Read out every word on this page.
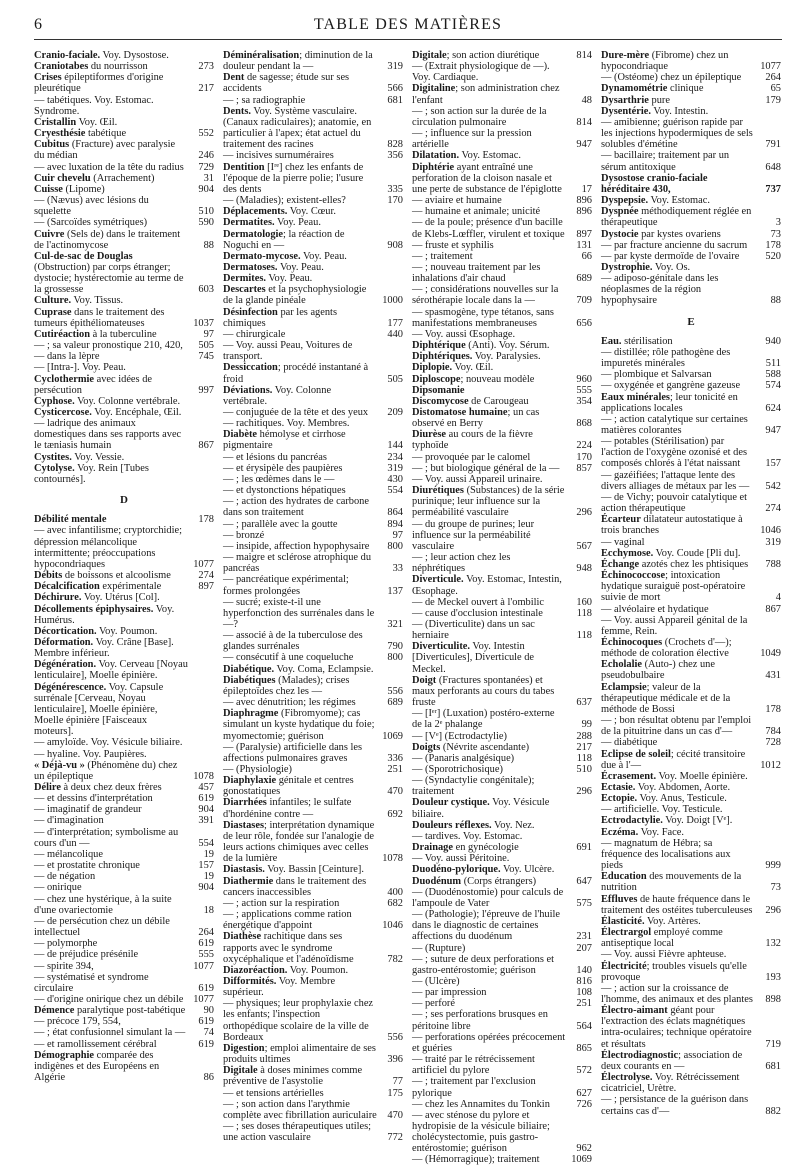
6	TABLE DES MATIÈRES
Cranio-faciale. Voy. Dysostose.
Craniotabes du nourrisson	273
Crises épileptiformes d'origine pleurétique	217
— tabétiques. Voy. Estomac. Syndrome.
Cristallin Voy. Œil.
Cryesthésie tabétique	552
Cubitus (Fracture) avec paralysie du médian	246
— avec luxation de la tête du radius	729
Cuir chevelu (Arrachement)	31
Cuisse (Lipome)	904
— (Nævus) avec lésions du squelette	510
— (Sarcoïdes symétriques)	590
Cuivre (Sels de) dans le traitement de l'actinomycose	88
Cul-de-sac de Douglas (Obstruction) par corps étranger; dystocie; hystérectomie au terme de la grossesse	603
Culture. Voy. Tissus.
Cuprase dans le traitement des tumeurs épithéliomateuses	1037
Cutiréaction à la tuberculine	97
— ; sa valeur pronostique 210, 420,	505
— dans la lèpre	745
— [Intra-]. Voy. Peau.
Cyclothermie avec idées de persécution	997
Cyphose. Voy. Colonne vertébrale.
Cysticercose. Voy. Encéphale, Œil.
— ladrique des animaux domestiques dans ses rapports avec le tæniasis humain	867
Cystites. Voy. Vessie.
Cytolyse. Voy. Rein [Tubes contournés].
D
Débilité mentale	178
— avec infantilisme; cryptorchidie; dépression mélancolique intermittente; préoccupations hypocondriaques	1077
Débits de boissons et alcoolisme	274
Décalcification expérimentale	897
Déchirure. Voy. Utérus [Col].
Décollements épiphysaires. Voy. Humérus.
Décortication. Voy. Poumon.
Déformation. Voy. Crâne [Base]. Membre inférieur.
Dégénération. Voy. Cerveau [Noyau lenticulaire], Moelle épinière.
Dégénérescence. Voy. Capsule surrénale [Cerveau, Noyau lenticulaire], Moelle épinière, Moelle épinière [Faisceaux moteurs].
— amyloïde. Voy. Vésicule biliaire.
— hyaline. Voy. Paupières.
« Déjà-vu » (Phénomène du) chez un épileptique	1078
Délire à deux chez deux frères	457
— et dessins d'interprétation	619
— imaginatif de grandeur	904
— d'imagination	391
— d'interprétation; symbolisme au cours d'un —	554
— mélancolique	19
— et prostatite chronique	157
— de négation	19
— onirique	904
— chez une hystérique, à la suite d'une ovariectomie	18
— de persécution chez un débile intellectuel	264
— polymorphe	619
— de préjudice présénile	555
— spirite 394,	1077
— systématisé et syndrome circulaire	619
— d'origine onirique chez un débile 1077
Démence paralytique post-tabétique	90
— précoce 179, 554,	619
— ; état confusionnel simulant la —	74
— et ramollissement cérébral	619
Démographie comparée des indigènes et des Européens en Algérie	86
Déminéralisation; diminution de la douleur pendant la —	319
Dent de sagesse; étude sur ses accidents	566
— ; sa radiographie	681
Dents. Voy. Système vasculaire.
(Canaux radiculaires); anatomie, en particulier à l'apex; état actuel du traitement des racines	828
— incisives surnuméraires	356
Dentition [Iʳᵉ] chez les enfants de l'époque de la pierre polie; l'usure des dents	335
— (Maladies); existent-elles?	170
Déplacements. Voy. Cœur.
Dermatites. Voy. Peau.
Dermatologie; la réaction de Noguchi en —	908
Dermato-mycose. Voy. Peau.
Dermatoses. Voy. Peau.
Dermites. Voy. Peau.
Descartes et la psychophysiologie de la glande pinéale	1000
Désinfection par les agents chimiques	177
— chirurgicale	440
— Voy. aussi Peau, Voitures de transport.
Dessiccation; procédé instantané à froid	505
Déviations. Voy. Colonne vertébrale.
— conjuguée de la tête et des yeux	209
— rachitiques. Voy. Membres.
Diabète hémolyse et cirrhose pigmentaire	144
— et lésions du pancréas	234
— et érysipèle des paupières	319
— ; les œdèmes dans le —	430
— et dystonctions hépatiques	554
— ; action des hydrates de carbone dans son traitement	864
— ; parallèle avec la goutte	894
— bronzé	97
— insipide, affection hypophysaire	800
— maigre et sclérose atrophique du pancréas	33
— pancréatique expérimental; formes prolongées	137
— sucré; existe-t-il une hyperfonction des surrénales dans le —?	321
— associé à de la tuberculose des glandes surrénales	790
— consécutif à une coqueluche	800
Diabétique. Voy. Coma, Eclampsie.
Diabétiques (Malades); crises épileptoïdes chez les —	556
— avec dénutrition; les régimes	689
Diaphragme (Fibromyome); cas simulant un kyste hydatique du foie; myomectomie; guérison	1069
— (Paralysie) artificielle dans les affections pulmonaires graves	336
— (Physiologie)	251
Diaphylaxie génitale et centres gonostatiques	470
Diarrhées infantiles; le sulfate d'hordénine contre —	692
Diastases; interprétation dynamique de leur rôle, fondée sur l'analogie de leurs actions chimiques avec celles de la lumière	1078
Diastasis. Voy. Bassin [Ceinture].
Diathermie dans le traitement des cancers inaccessibles	400
— ; action sur la respiration	682
— ; applications comme ration énergétique d'appoint	1046
Diathèse rachitique dans ses rapports avec le syndrome oxycéphalique et l'adénoïdisme	782
Diazoréaction. Voy. Poumon.
Difformités. Voy. Membre supérieur.
— physiques; leur prophylaxie chez les enfants; l'inspection orthopédique scolaire de la ville de Bordeaux	556
Digestion; emploi alimentaire de ses produits ultimes	396
Digitale à doses minimes comme préventive de l'asystolie	77
— et tensions artérielles	175
— ; son action dans l'arythmie complète avec fibrillation auriculaire	470
— ; ses doses thérapeutiques utiles; une action vasculaire	772
Digitale; son action diurétique	814
— (Extrait physiologique de —). Voy. Cardiaque.
Digitaline; son administration chez l'enfant	48
— ; son action sur la durée de la circulation pulmonaire	814
— ; influence sur la pression artérielle	947
Dilatation. Voy. Estomac.
Diphtérie ayant entraîné une perforation de la cloison nasale et une perte de substance de l'épiglotte	17
— aviaire et humaine	896
— humaine et animale; unicité	896
— de la poule; présence d'un bacille de Klebs-Lœffler, virulent et toxique	897
— fruste et syphilis	131
— ; traitement	66
— ; nouveau traitement par les inhalations d'air chaud	689
— ; considérations nouvelles sur la sérothérapie locale dans la —	709
— spasmogène, type tétanos, sans manifestations membraneuses	656
— Voy. aussi Œsophage.
Diphtérique (Anti). Voy. Sérum.
Diphtériques. Voy. Paralysies.
Diplopie. Voy. Œil.
Diploscope; nouveau modèle	960
Dipsomanie	555
Discomycose de Carougeau	354
Distomatose humaine; un cas observé en Berry	868
Diurèse au cours de la fièvre typhoïde	224
— provoquée par le calomel	170
— ; but biologique général de la —	857
— Voy. aussi Appareil urinaire.
Diurétiques (Substances) de la série purinique; leur influence sur la perméabilité vasculaire	296
— du groupe de purines; leur influence sur la perméabilité vasculaire	567
— ; leur action chez les néphrétiques	948
Diverticule. Voy. Estomac, Intestin, Œsophage.
— de Meckel ouvert à l'ombilic	160
— cause d'occlusion intestinale	118
— (Diverticulite) dans un sac herniaire	118
Diverticulite. Voy. Intestin [Diverticules], Diverticule de Meckel.
Doigt (Fractures spontanées) et maux perforants au cours du tabes fruste	637
— [Iᵉʳ] (Luxation) postéro-externe de la 2ᵉ phalange	99
— [Vᵉ] (Ectrodactylie)	288
Doigts (Névrite ascendante)	217
— (Panaris analgésique)	118
— (Sporotrichosique)	510
— (Syndactylie congénitale); traitement	296
Douleur cystique. Voy. Vésicule biliaire.
Douleurs réflexes. Voy. Nez.
— tardives. Voy. Estomac.
Drainage en gynécologie	691
— Voy. aussi Péritoine.
Duodéno-pylorique. Voy. Ulcère.
Duodénum (Corps étrangers)	647
— (Duodénostomie) pour calculs de l'ampoule de Vater	575
— (Pathologie); l'épreuve de l'huile dans le diagnostic de certaines affections du duodénum	231
— (Rupture)	207
— ; suture de deux perforations et gastro-entérostomie; guérison	140
— (Ulcère)	816
— par impression	108
— perforé	251
— ; ses perforations brusques en péritoine libre	564
— perforations opérées précocement et guéries	865
— traité par le rétrécissement artificiel du pylore	572
— ; traitement par l'exclusion pylorique	627
— chez les Annamites du Tonkin	726
— avec sténose du pylore et hydropisie de la vésicule biliaire; cholécystectomie, puis gastro-entérostomie; guérison	962
— (Hémorragique); traitement	1069
Dure-mère (Fibrome) chez un hypocondriaque	1077
— (Ostéome) chez un épileptique	264
Dynamométrie clinique	65
Dysarthrie pure	179
Dysentérie. Voy. Intestin.
— amibienne; guérison rapide par les injections hypodermiques de sels solubles d'émétine	791
— bacillaire; traitement par un sérum antitoxique	648
Dysostose cranio-faciale héréditaire 430,	737
Dyspepsie. Voy. Estomac.
Dyspnée méthodiquement réglée en thérapeutique	3
Dystocie par kystes ovariens	73
— par fracture ancienne du sacrum	178
— par kyste dermoïde de l'ovaire	520
Dystrophie. Voy. Os.
— adiposo-génitale dans les néoplasmes de la région hypophysaire	88
E
Eau. stérilisation	940
— distillée; rôle pathogène des impuretés minérales	511
— plombique et Salvarsan	588
— oxygénée et gangrène gazeuse	574
Eaux minérales; leur tonicité en applications locales	624
— ; action catalytique sur certaines matières colorantes	947
— potables (Stérilisation) par l'action de l'oxygène ozonisé et des composés chlorés à l'état naissant	157
— gazéifiées; l'attaque lente des divers alliages de métaux par les —	542
— de Vichy; pouvoir catalytique et action thérapeutique	274
Écarteur dilatateur autostatique à trois branches	1046
— vaginal	319
Ecchymose. Voy. Coude [Pli du].
Échange azotés chez les phtisiques	788
Échinococcose; intoxication hydatique suraiguë post-opératoire suivie de mort	4
— alvéolaire et hydatique	867
— Voy. aussi Appareil génital de la femme, Rein.
Échinocoques (Crochets d'—); méthode de coloration élective	1049
Echolalie (Auto-) chez une pseudobulbaire	431
Eclampsie; valeur de la thérapeutique médicale et de la méthode de Bossi	178
— ; bon résultat obtenu par l'emploi de la pituitrine dans un cas d'—	784
— diabétique	728
Eclipse de soleil; cécité transitoire due à l'—	1012
Écrasement. Voy. Moelle épinière.
Ectasie. Voy. Abdomen, Aorte.
Ectopie. Voy. Anus, Testicule.
— artificielle. Voy. Testicule.
Ectrodactylie. Voy. Doigt [Vᵉ].
Eczéma. Voy. Face.
— magnatum de Hébra; sa fréquence des localisations aux pieds	999
Education des mouvements de la nutrition	73
Effluves de haute fréquence dans le traitement des ostéites tuberculeuses	296
Élasticité. Voy. Artères.
Électrargol employé comme antiseptique local	132
— Voy. aussi Fièvre aphteuse.
Électricité; troubles visuels qu'elle provoque	193
— ; action sur la croissance de l'homme, des animaux et des plantes	898
Électro-aimant géant pour l'extraction des éclats magnétiques intra-oculaires; technique opératoire et résultats	719
Électrodiagnostic; association de deux courants en —	681
Électrolyse. Voy. Rétrécissement cicatriciel, Urètre.
— ; persistance de la guérison dans certains cas d'—	882
